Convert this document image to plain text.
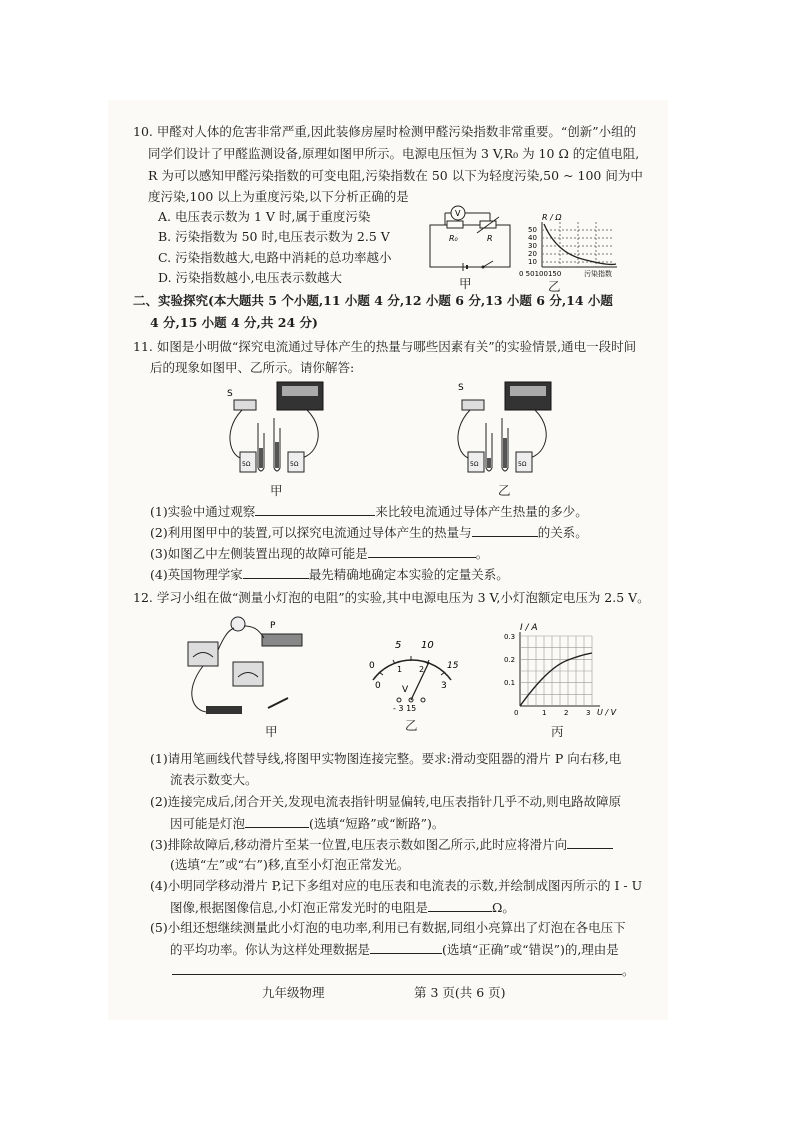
10. 甲醛对人体的危害非常严重,因此装修房屋时检测甲醛污染指数非常重要。“创新”小组的
同学们设计了甲醛监测设备,原理如图甲所示。电源电压恒为 3 V,R₀ 为 10 Ω 的定值电阻,
R 为可以感知甲醛污染指数的可变电阻,污染指数在 50 以下为轻度污染,50 ~ 100 间为中
度污染,100 以上为重度污染,以下分析正确的是
A. 电压表示数为 1 V 时,属于重度污染
B. 污染指数为 50 时,电压表示数为 2.5 V
C. 污染指数越大,电路中消耗的总功率越小
D. 污染指数越小,电压表示数越大
V
R₀	R
甲
R / Ω
50
40
30
20
10
0 50100150	污染指数
乙
二、实验探究(本大题共 5 个小题,11 小题 4 分,12 小题 6 分,13 小题 6 分,14 小题
4 分,15 小题 4 分,共 24 分)
11. 如图是小明做“探究电流通过导体产生的热量与哪些因素有关”的实验情景,通电一段时间
后的现象如图甲、乙所示。请你解答:
S
5Ω	5Ω
甲
S
5Ω	5Ω
乙
(1)实验中通过观察	来比较电流通过导体产生热量的多少。
(2)利用图甲中的装置,可以探究电流通过导体产生的热量与	的关系。
(3)如图乙中左侧装置出现的故障可能是	。
(4)英国物理学家	最先精确地确定本实验的定量关系。
12. 学习小组在做“测量小灯泡的电阻”的实验,其中电源电压为 3 V,小灯泡额定电压为 2.5 V。
P
甲
5 10
0
0
15
3
1 2
V
- 3 15
乙
I / A
0.3
0.2
0.1
0	1	2	3 U / V
丙
(1)请用笔画线代替导线,将图甲实物图连接完整。要求:滑动变阻器的滑片 P 向右移,电
流表示数变大。
(2)连接完成后,闭合开关,发现电流表指针明显偏转,电压表指针几乎不动,则电路故障原
因可能是灯泡	(选填“短路”或“断路”)。
(3)排除故障后,移动滑片至某一位置,电压表示数如图乙所示,此时应将滑片向
(选填“左”或“右”)移,直至小灯泡正常发光。
(4)小明同学移动滑片 P,记下多组对应的电压表和电流表的示数,并绘制成图丙所示的 I - U
图像,根据图像信息,小灯泡正常发光时的电阻是	Ω。
(5)小组还想继续测量此小灯泡的电功率,利用已有数据,同组小亮算出了灯泡在各电压下
的平均功率。你认为这样处理数据是	(选填“正确”或“错误”)的,理由是
。
九年级物理	第 3 页(共 6 页)
